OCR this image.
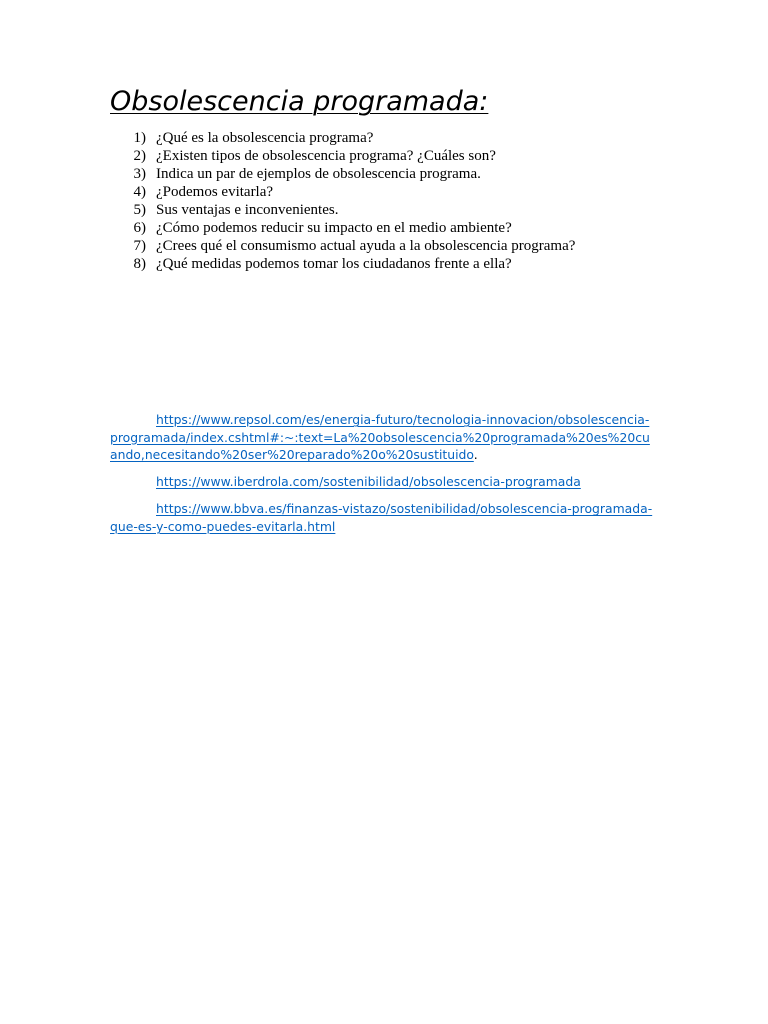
Obsolescencia programada:
1) ¿Qué es la obsolescencia programa?
2) ¿Existen tipos de obsolescencia programa? ¿Cuáles son?
3) Indica un par de ejemplos de obsolescencia programa.
4) ¿Podemos evitarla?
5) Sus ventajas e inconvenientes.
6) ¿Cómo podemos reducir su impacto en el medio ambiente?
7) ¿Crees qué el consumismo actual ayuda a la obsolescencia programa?
8) ¿Qué medidas podemos tomar los ciudadanos frente a ella?

https://www.repsol.com/es/energia-futuro/tecnologia-innovacion/obsolescencia-programada/index.cshtml#:~:text=La%20obsolescencia%20programada%20es%20cuando,necesitando%20ser%20reparado%20o%20sustituido.

https://www.iberdrola.com/sostenibilidad/obsolescencia-programada

https://www.bbva.es/finanzas-vistazo/sostenibilidad/obsolescencia-programada-que-es-y-como-puedes-evitarla.html
